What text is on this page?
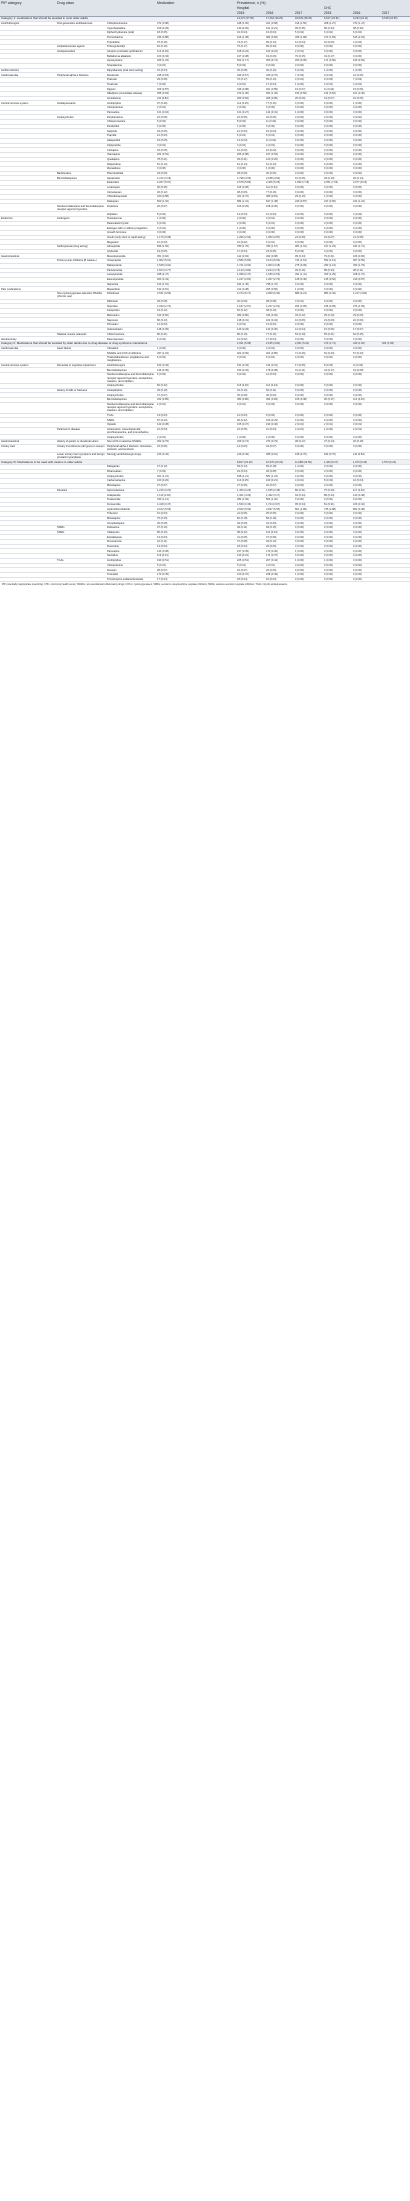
PIP category	Drug class		Medication	Prevalence, n (%)					
				Hospital			CHC		
				2015	2016	2017	2015	2016	2017
Category 1: medications that should be avoided in most older adults				14,272 (37.56)	17,464 (39.29)	18,029 (38.36)	6,627 (23.91)	6,233 (24.11)	6,198 (24.56)
Anticholinergics	First-generation antihistamines	Chlorpheniramine	372 (0.98)	448 (1.00)	321 (0.68)	416 (1.50)	328 (1.27)	373 (1.47)	
		Cyproheptadine	109 (0.29)	130 (0.29)	101 (0.21)	96 (0.35)	86 (0.33)	98 (0.39)	
		Diphenhydramine (oral)	18 (0.05)	19 (0.04)	19 (0.04)	5 (0.02)	6 (0.02)	6 (0.02)	
		Promethazine	336 (0.88)	616 (1.38)	384 (0.82)	465 (1.68)	473 (1.83)	515 (2.04)	
		Triprolidine	75 (0.20)	74 (0.17)	59 (0.13)	12 (0.04)	16 (0.06)	4 (0.02)	
	Antiparkinsonian agents	Trihexyphenidyl	62 (0.16)	75 (0.17)	95 (0.20)	0 (0.00)	0 (0.00)	0 (0.00)	
	Antispasmodics	Atropine (excludes ophthalmic)	112 (0.29)	108 (0.24)	102 (0.22)	2 (0.01)	0 (0.00)	0 (0.00)	
		Belladonna alkaloids	163 (0.43)	167 (0.38)	43 (0.09)	70 (0.25)	43 (0.17)	0 (0.00)	
		Hyoscyamine	469 (1.23)	522 (1.17)	350 (0.74)	263 (0.95)	171 (0.66)	160 (0.63)	
		Scopolamine	3 (0.01)	8 (0.02)	9 (0.02)	0 (0.00)	0 (0.00)	0 (0.00)	
Antithrombotics		Dipyridamole (oral short acting)	16 (0.04)	36 (0.08)	46 (0.10)	6 (0.02)	1 (0.00)	1 (0.00)	
Cardiovascular	Peripheral alpha-1 blockers	Doxazosin	238 (0.63)	299 (0.67)	329 (0.70)	7 (0.03)	9 (0.03)	12 (0.05)	
		Prazosin	29 (0.08)	76 (0.17)	59 (0.13)	3 (0.01)	9 (0.03)	7 (0.03)	
		Terazosin	7 (0.02)	3 (0.01)	17 (0.04)	1 (0.00)	2 (0.01)	4 (0.02)	
		Digoxin	329 (0.87)	436 (0.98)	401 (0.85)	19 (0.07)	11 (0.04)	15 (0.06)	
		Nifedipine (immediate release)	355 (0.93)	470 (1.06)	652 (1.39)	156 (0.56)	134 (0.52)	101 (0.40)	
		Amiodarone	311 (0.82)	363 (0.82)	405 (0.86)	25 (0.09)	19 (0.07)	16 (0.06)	
Central nervous system	Antidepressants	Amitriptyline	97 (0.26)	112 (0.25)	77 (0.16)	0 (0.00)	0 (0.00)	1 (0.00)	
		Clomipramine	2 (0.01)	2 (0.00)	0 (0.00)	0 (0.00)	0 (0.00)	0 (0.00)	
		Paroxetine	121 (0.32)	121 (0.27)	144 (0.31)	1 (0.00)	0 (0.00)	0 (0.00)	
	Antipsychotics	Perphenazine	22 (0.06)	22 (0.05)	22 (0.05)	0 (0.00)	0 (0.00)	0 (0.00)	
		Chlorpromazine	6 (0.02)	8 (0.02)	11 (0.02)	0 (0.00)	0 (0.00)	0 (0.00)	
		Penfluridol	0 (0.00)	1 (0.00)	0 (0.00)	0 (0.00)	0 (0.00)	0 (0.00)	
		Sulpiride	18 (0.05)	12 (0.03)	15 (0.03)	0 (0.00)	0 (0.00)	0 (0.00)	
		Tiapride	12 (0.03)	6 (0.01)	6 (0.01)	0 (0.00)	0 (0.00)	0 (0.00)	
		Haloperidol	19 (0.05)	14 (0.03)	11 (0.02)	0 (0.00)	0 (0.00)	0 (0.00)	
		Aripiprazole	3 (0.01)	4 (0.01)	4 (0.01)	0 (0.00)	0 (0.00)	0 (0.00)	
		Clozapine	18 (0.05)	10 (0.02)	10 (0.02)	0 (0.00)	0 (0.00)	0 (0.00)	
		Olanzapine	204 (0.54)	256 (0.58)	247 (0.53)	0 (0.00)	0 (0.00)	0 (0.00)	
		Quetiapine	78 (0.21)	93 (0.21)	120 (0.26)	0 (0.00)	0 (0.00)	0 (0.00)	
		Risperidone	51 (0.13)	61 (0.14)	61 (0.13)	0 (0.00)	0 (0.00)	0 (0.00)	
		Ziprasidone	0 (0.00)	0 (0.00)	1 (0.00)	0 (0.00)	0 (0.00)	0 (0.00)	
	Barbiturates	Phenobarbital	33 (0.09)	38 (0.09)	30 (0.06)	0 (0.00)	0 (0.00)	0 (0.00)	
	Benzodiazepines	Alprazolam	1,212 (3.19)	1,798 (4.05)	2,188 (4.66)	16 (0.06)	49 (0.19)	36 (0.14)	
		Estazolam	2,267 (5.97)	2,578 (5.80)	2,466 (5.25)	1,990 (7.18)	2,051 (7.93)	2,077 (8.23)	
		Lorazepam	96 (0.25)	126 (0.28)	111 (0.24)	0 (0.00)	0 (0.00)	0 (0.00)	
		Clonazepam	46 (0.12)	38 (0.09)	77 (0.16)	0 (0.00)	0 (0.00)	0 (0.00)	
		Chlordiazepoxide	220 (0.58)	321 (0.72)	380 (0.81)	29 (0.10)	1 (0.00)	0 (0.00)	
		Diazepam	500 (1.32)	584 (1.31)	647 (1.38)	240 (0.87)	247 (0.96)	314 (1.24)	
	Nonbenzodiazepine and benzodiazepine receptor agonist hypnotics	Zopiclone	26 (0.07)	109 (0.25)	168 (0.36)	0 (0.00)	0 (0.00)	0 (0.00)	
		Zolpidem	8 (0.02)	14 (0.03)	12 (0.03)	0 (0.00)	0 (0.00)	4 (0.02)	
Endocrine	Androgens	Testosterone	1 (0.00)	2 (0.00)	3 (0.01)	0 (0.00)	0 (0.00)	0 (0.00)	
		Desiccated thyroid	9 (0.02)	2 (0.00)	6 (0.01)	0 (0.00)	0 (0.00)	0 (0.00)	
		Estrogen with or without progestins	2 (0.01)	1 (0.00)	0 (0.00)	0 (0.00)	0 (0.00)	0 (0.00)	
		Growth hormone	0 (0.00)	0 (0.00)	0 (0.00)	0 (0.00)	0 (0.00)	0 (0.00)	
		Insulin (only short or rapid acting)	1,170 (3.08)	1,296 (2.92)	1,350 (2.87)	24 (0.09)	19 (0.07)	21 (0.08)	
		Megestrol	12 (0.03)	10 (0.02)	6 (0.01)	0 (0.00)	0 (0.00)	0 (0.00)	
	Sulfonylureas (long acting)	Glimepiride	699 (1.84)	780 (1.76)	783 (1.67)	281 (1.01)	317 (1.23)	431 (1.71)	
		Glyburide	19 (0.05)	17 (0.04)	23 (0.05)	8 (0.03)	0 (0.00)	0 (0.00)	
Gastrointestinal		Metoclopramide	351 (0.92)	412 (0.93)	462 (0.98)	95 (0.34)	79 (0.31)	166 (0.66)	
	Proton-pump inhibitors (8 weeks+)	Omeprazole	1,902 (5.01)	2,580 (5.80)	3,104 (6.60)	724 (2.61)	552 (2.13)	907 (3.59)	
		Rabeprazole	1,528 (4.02)	1,741 (3.92)	1,963 (4.18)	275 (0.99)	293 (1.13)	453 (1.79)	
		Pantoprazole	1,814 (4.77)	2,143 (4.82)	2,224 (4.73)	45 (0.16)	89 (0.34)	28 (0.11)	
		Lansoprazole	938 (2.47)	1,098 (2.47)	1,189 (2.53)	391 (1.41)	323 (1.25)	428 (1.70)	
		Esomeprazole	923 (2.43)	1,247 (2.81)	1,267 (2.70)	128 (0.46)	135 (0.52)	219 (0.87)	
		Ilaprazole	613 (1.61)	644 (1.45)	798 (1.70)	0 (0.00)	0 (0.00)	0 (0.00)	
Pain medications		Meperidine	192 (0.51)	212 (0.48)	265 (0.56)	1 (0.00)	0 (0.00)	0 (0.00)	
	Non-cyclooxygenase-selective NSAIDs (chronic use)	Diclofenac	2,531 (6.66)	2,744 (6.17)	2,960 (6.30)	889 (3.21)	883 (3.42)	1,217 (4.82)	
		Diflunisal	29 (0.08)	40 (0.09)	38 (0.08)	3 (0.01)	0 (0.00)	0 (0.00)	
		Ibuprofen	1,040 (2.74)	1,187 (2.67)	1,227 (2.61)	264 (0.95)	246 (0.95)	276 (1.09)	
		Ketoprofen	44 (0.12)	52 (0.12)	48 (0.10)	0 (0.00)	0 (0.00)	0 (0.00)	
		Meloxicam	310 (0.82)	382 (0.86)	434 (0.92)	33 (0.12)	25 (0.10)	23 (0.09)	
		Naproxen	86 (0.23)	138 (0.31)	162 (0.34)	16 (0.06)	23 (0.09)	22 (0.09)	
		Piroxicam	12 (0.03)	6 (0.01)	13 (0.03)	0 (0.00)	0 (0.00)	0 (0.00)	
		Indomethacin	148 (0.39)	129 (0.29)	142 (0.30)	12 (0.04)	15 (0.06)	17 (0.07)	
	Skeletal muscle relaxants	Chlorzoxazone	80 (0.21)	86 (0.19)	77 (0.16)	53 (0.19)	55 (0.21)	64 (0.25)	
Genitourinary		Desmopressin	6 (0.02)	10 (0.02)	17 (0.04)	0 (0.00)	0 (0.00)	0 (0.00)	
Category II: Medications that should be avoided by older adults due to drug-disease or drug-syndrome interactions				1,931 (5.08)	2,195 (4.94)	2,361 (5.02)	473 (1.71)	420 (1.62)	462 (1.83)
Cardiovascular	Heart failure	Cilostazol	1 (0.00)	0 (0.00)	3 (0.01)	0 (0.00)	0 (0.00)	0 (0.00)	
		NSAIDs and COX-2 inhibitors	397 (1.04)	402 (0.90)	401 (0.85)	71 (0.26)	52 (0.20)	57 (0.23)	
		Thiazolidinediones: pioglitazone and rosiglitazone	6 (0.02)	3 (0.01)	6 (0.01)	0 (0.00)	0 (0.00)	0 (0.00)	
Central nervous system	Dementia or cognitive impairment	Anticholinergics	162 (0.43)	191 (0.43)	144 (0.31)	17 (0.06)	8 (0.03)	11 (0.04)	
		Benzodiazepines	149 (0.39)	153 (0.34)	178 (0.38)	31 (0.11)	43 (0.17)	19 (0.08)	
		Nonbenzodiazepine and benzodiazepine receptor agonist hypnotics: eszopiclone, zaleplon, and zolpidem	6 (0.02)	9 (0.02)	12 (0.03)	0 (0.00)	0 (0.00)	0 (0.00)	
		Antipsychotics	82 (0.22)	115 (0.26)	114 (0.24)	0 (0.00)	0 (0.00)	0 (0.00)	
	History of falls or fractures	Antiepileptics	39 (0.10)	43 (0.10)	50 (0.11)	0 (0.00)	0 (0.00)	0 (0.00)	
		Antipsychotics	27 (0.07)	35 (0.08)	30 (0.06)	0 (0.00)	0 (0.00)	0 (0.00)	
		Benzodiazepines	322 (0.85)	383 (0.86)	394 (0.84)	105 (0.38)	95 (0.37)	113 (0.45)	
		Nonbenzodiazepine and benzodiazepine receptor agonist hypnotics: eszopiclone, zaleplon, and zolpidem	2 (0.01)	3 (0.01)	9 (0.02)	0 (0.00)	0 (0.00)	0 (0.00)	
		TCAs	13 (0.03)	12 (0.03)	8 (0.02)	0 (0.00)	0 (0.00)	0 (0.00)	
		SSRIs	87 (0.23)	96 (0.22)	106 (0.23)	0 (0.00)	0 (0.00)	0 (0.00)	
		Opioids	143 (0.38)	165 (0.37)	190 (0.40)	2 (0.01)	2 (0.01)	3 (0.01)	
	Parkinson's disease	Antiemetics: metoclopramide, prochlorperazine, and promethazine	10 (0.03)	22 (0.05)	21 (0.04)	4 (0.01)	1 (0.00)	2 (0.01)	
		Antipsychotics	2 (0.01)	1 (0.00)	2 (0.00)	0 (0.00)	0 (0.00)	0 (0.00)	
Gastrointestinal	History of gastric or duodenal ulcers	Non-COX-2-selective NSAIDs	302 (0.79)	329 (0.74)	373 (0.79)	48 (0.17)	37 (0.14)	46 (0.18)	
Urinary tract	Urinary incontinence (all types) in women	Peripheral alpha-1 blockers: doxazosin, prazosin, and terazosin	24 (0.06)	14 (0.03)	34 (0.07)	0 (0.00)	0 (0.00)	0 (0.00)	
	Lower urinary tract symptoms and benign prostatic hyperplasia	Strongly anticholinergic drugs	163 (0.43)	219 (0.49)	285 (0.61)	195 (0.70)	182 (0.70)	211 (0.84)	
Category III: Medications to be used with caution in older adults				8,817 (23.20)	10,370 (23.33)	11,088 (23.59)	1,460 (5.27)	1,370 (5.30)	1,573 (6.23)
		Dabigatran	47 (0.12)	59 (0.13)	83 (0.18)	1 (0.00)	0 (0.00)	0 (0.00)	
		Rivaroxaban	7 (0.02)	19 (0.04)	36 (0.08)	0 (0.00)	0 (0.00)	0 (0.00)	
		Antipsychotics	461 (1.21)	538 (1.21)	581 (1.24)	0 (0.00)	0 (0.00)	0 (0.00)	
		Carbamazepine	100 (0.26)	113 (0.25)	100 (0.21)	4 (0.01)	8 (0.03)	10 (0.04)	
		Mirtazapine	27 (0.07)	27 (0.06)	32 (0.07)	0 (0.00)	0 (0.00)	0 (0.00)	
	Diuretics	Spironolactone	1,215 (3.20)	1,450 (3.26)	1,635 (3.48)	86 (0.31)	75 (0.29)	117 (0.46)	
		Indapamide	1,110 (2.92)	1,361 (3.06)	1,492 (3.17)	94 (0.34)	88 (0.34)	120 (0.48)	
		Torasemide	433 (1.14)	484 (1.09)	564 (1.20)	0 (0.00)	0 (0.00)	0 (0.00)	
		Furosemide	1,318 (3.47)	1,539 (3.46)	1,724 (3.67)	95 (0.34)	81 (0.31)	106 (0.42)	
		Hydrochlorothiazide	2,162 (5.69)	2,530 (5.69)	2,657 (5.65)	801 (2.89)	745 (2.88)	852 (3.38)	
		Tribenzor	10 (0.03)	21 (0.05)	25 (0.05)	0 (0.00)	0 (0.00)	0 (0.00)	
		Mirtazapine	75 (0.20)	82 (0.18)	86 (0.18)	0 (0.00)	0 (0.00)	0 (0.00)	
		Oxcarbazepine	30 (0.08)	39 (0.09)	43 (0.09)	0 (0.00)	0 (0.00)	0 (0.00)	
	SNRIs	Duloxetine	37 (0.10)	49 (0.11)	69 (0.15)	0 (0.00)	0 (0.00)	0 (0.00)	
	SSRIs	Citalopram	86 (0.23)	98 (0.22)	110 (0.23)	0 (0.00)	0 (0.00)	0 (0.00)	
		Escitalopram	13 (0.03)	21 (0.05)	37 (0.08)	0 (0.00)	0 (0.00)	0 (0.00)	
		Fluvoxamine	42 (0.11)	37 (0.08)	49 (0.10)	0 (0.00)	0 (0.00)	0 (0.00)	
		Fluoxetine	13 (0.03)	18 (0.04)	26 (0.06)	0 (0.00)	0 (0.00)	0 (0.00)	
		Paroxetine	143 (0.38)	157 (0.35)	170 (0.36)	1 (0.00)	0 (0.00)	0 (0.00)	
		Sertraline	119 (0.31)	140 (0.31)	174 (0.37)	0 (0.00)	0 (0.00)	0 (0.00)	
	TCAs	Amitriptyline	193 (0.51)	225 (0.51)	207 (0.44)	1 (0.00)	1 (0.00)	0 (0.00)	
		Clomipramine	5 (0.01)	5 (0.01)	3 (0.01)	0 (0.00)	0 (0.00)	0 (0.00)	
		Doxepin	28 (0.07)	32 (0.07)	26 (0.06)	0 (0.00)	0 (0.00)	0 (0.00)	
		Tramadol	170 (0.45)	210 (0.47)	228 (0.49)	1 (0.00)	0 (0.00)	0 (0.00)	
		Trimethoprim-sulfamethoxazole	17 (0.04)	18 (0.04)	16 (0.03)	0 (0.00)	0 (0.00)	0 (0.00)	
PIP, potentially inappropriate prescribing; CHC, community health center; NSAIDs, non-steroidal anti-inflammatory drugs; COX-2, cyclooxygenase-2; SNRIs, serotonin–norepinephrine reuptake inhibitors; SSRIs, selective serotonin reuptake inhibitors; TCAs, tricyclic antidepressants.
